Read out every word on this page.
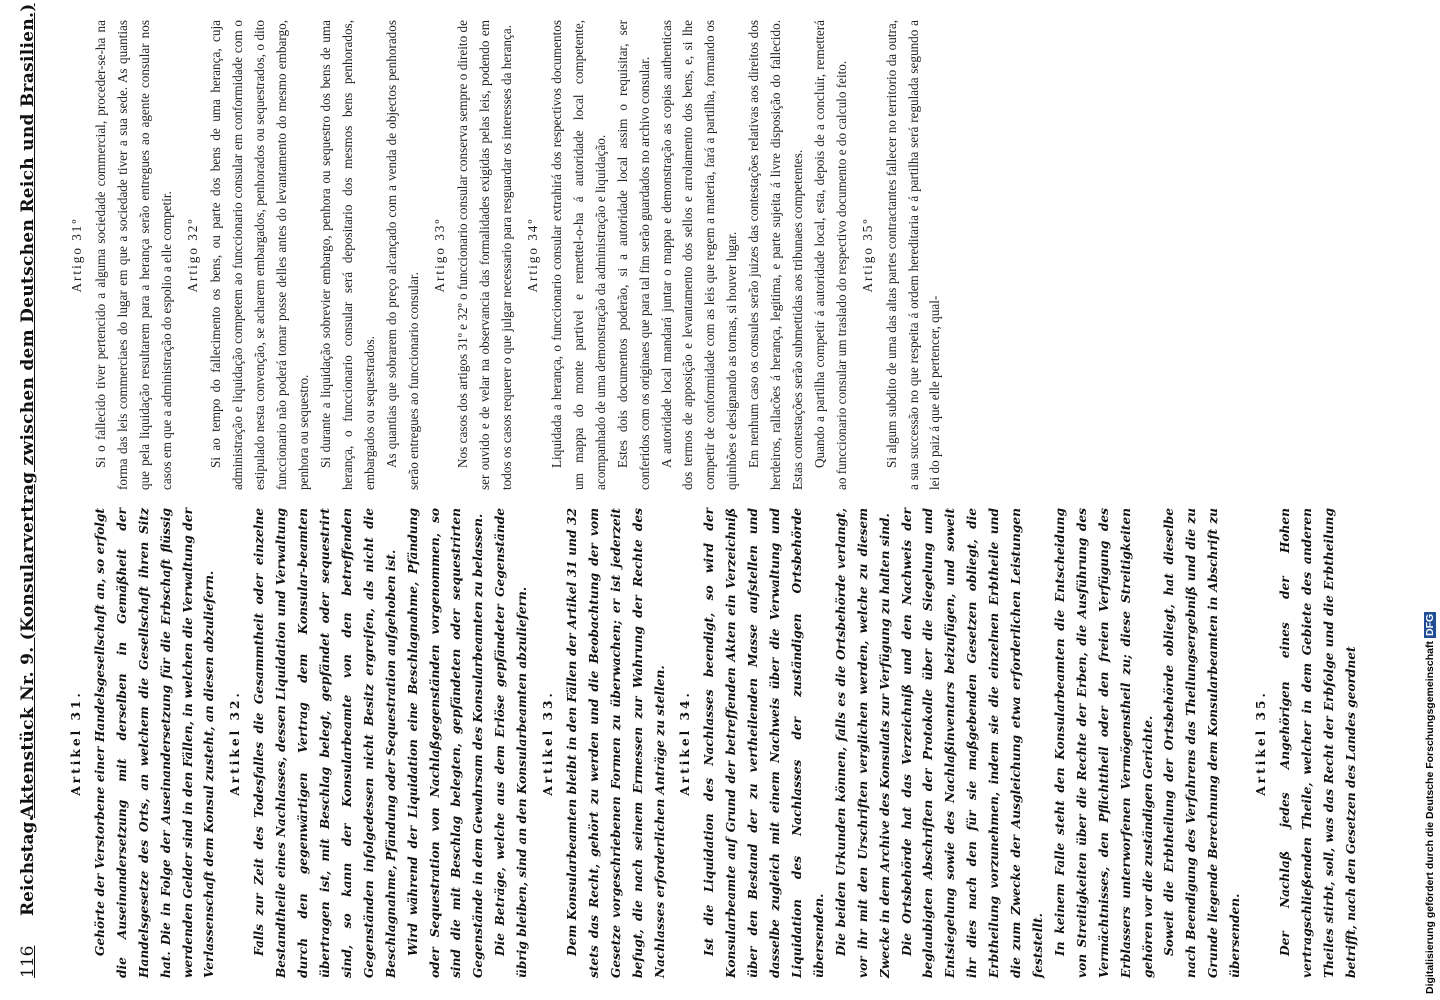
116
Reichstag.
Aktenstück Nr. 9. (Konsularvertrag zwischen dem Deutschen Reich und Brasilien.)	Artikel 31. Gehörte der Verstorbene einer Handelsgesellschaft an, so erfolgt die Auseinandersetzung mit derselben in Gemäßheit der Handelsgesetze des Orts, an welchem die Gesellschaft ihren Sitz hat. Die in Folge der Auseinandersetzung für die Erbschaft flüssig werdenden Gelder sind in den Fällen, in welchen die Verwaltung der Verlassenschaft dem Konsul zusteht, an diesen abzuliefern. Artikel 32. Falls zur Zeit des Todesfalles die Gesammtheit oder einzelne Bestandtheile eines Nachlasses, dessen Liquidation und Verwaltung durch den gegenwärtigen Vertrag dem Konsular-beamten übertragen ist, mit Beschlag belegt, gepfändet oder sequestrirt sind, so kann der Konsularbeamte von den betreffenden Gegenständen infolgedessen nicht Besitz ergreifen, als nicht die Beschlagnahme, Pfändung oder Sequestration aufgehoben ist. Wird während der Liquidation eine Beschlagnahme, Pfändung oder Sequestration von Nachlaßgegenständen vorgenommen, so sind die mit Beschlag belegten, gepfändeten oder sequestrirten Gegenstände in dem Gewahrsam des Konsularbeamten zu belassen. Die Beträge, welche aus dem Erlöse gepfändeter Gegenstände übrig bleiben, sind an den Konsularbeamten abzuliefern. Artikel 33. Dem Konsularbeamten bleibt in den Fällen der Artikel 31 und 32 stets das Recht, gehört zu werden und die Beobachtung der vom Gesetze vorgeschriebenen Formen zu überwachen; er ist jederzeit befugt, die nach seinem Ermessen zur Wahrung der Rechte des Nachlasses erforderlichen Anträge zu stellen. Artikel 34. Ist die Liquidation des Nachlasses beendigt, so wird der Konsularbeamte auf Grund der betreffenden Akten ein Verzeichniß über den Bestand der zu vertheilenden Masse aufstellen und dasselbe zugleich mit einem Nachweis über die Verwaltung und Liquidation des Nachlasses der zuständigen Ortsbehörde übersenden. Die beiden Urkunden können, falls es die Ortsbehörde verlangt, vor ihr mit den Urschriften verglichen werden, welche zu diesem Zwecke in dem Archive des Konsulats zur Verfügung zu halten sind. Die Ortsbehörde hat das Verzeichniß und den Nachweis der beglaubigten Abschriften der Protokolle über die Siegelung und Entsiegelung sowie des Nachlaßinventars beizufügen, und soweit ihr dies nach den für sie maßgebenden Gesetzen obliegt, die Erbtheilung vorzunehmen, indem sie die einzelnen Erbtheile und die zum Zwecke der Ausgleichung etwa erforderlichen Leistungen feststellt. In keinem Falle steht den Konsularbeamten die Entscheidung von Streitigkeiten über die Rechte der Erben, die Ausführung des Vermächtnisses, den Pflichttheil oder den freien Verfügung des Erblassers unterworfenen Vermögenstheil zu; diese Streitigkeiten gehören vor die zuständigen Gerichte. Soweit die Erbtheilung der Ortsbehörde obliegt, hat dieselbe nach Beendigung des Verfahrens das Theilungsergebniß und die zu Grunde liegende Berechnung dem Konsularbeamten in Abschrift zu übersenden.

Artikel 35. Der Nachlaß jedes Angehörigen eines der Hohen vertragschließenden Theile, welcher in dem Gebiete des anderen Theiles stirbt, soll, was das Recht der Erbfolge und die Erbtheilung betrifft, nach den Gesetzen des Landes geordnet

Artigo 31º Si o fallecido tiver pertencido a alguma sociedade commercial, proceder-se-ha na forma das leis commerciaes do lugar em que a sociedade tiver a sua sede. As quantias que pela liquidação resultarem para a herança serão entregues ao agente consular nos casos em que a administração do espolio a elle competir. Artigo 32º Si ao tempo do fallecimento os bens, ou parte dos bens de uma herança, cuja administração e liquidação competem ao funccionario consular em conformidade com o estipulado nesta convenção, se acharem embargados, penhorados ou sequestrados, o dito funccionario não poderá tomar posse delles antes do levantamento do mesmo embargo, penhora ou sequestro. Si durante a liquidação sobrevier embargo, penhora ou sequestro dos bens de uma herança, o funccionario consular será depositario dos mesmos bens penhorados, embargados ou sequestrados. As quantias que sobrarem do preço alcançado com a venda de objectos penhorados serão entregues ao funccionario consular.

Artigo 33º Nos casos dos artigos 31º e 32º o funccionario consular conserva sempre o direito de ser ouvido e de velar na observancia das formalidades exigidas pelas leis, podendo em todos os casos requerer o que julgar necessario para resguardar os interesses da herança. Artigo 34º Liquidada a herança, o funccionario consular extrahirá dos respectivos documentos um mappa do monte partivel e remettel-o-ha á autoridade local competente, acompanhado de uma demonstração da administração e liquidação. Estes dois documentos poderão, si a autoridade local assim o requisitar, ser conferidos com os originaes que para tal fim serão guardados no archivo consular. A autoridade local mandará juntar o mappa e demonstração as copias authenticas dos termos de apposição e levantamento dos sellos e arrolamento dos bens, e, si lhe competir de conformidade com as leis que regem a materia, fará a partilha, formando os quinhões e designando as tornas, si houver lugar. Em nenhum caso os consules serão juizes das contestações relativas aos direitos dos herdeiros, rallacões á herança, legitima, e parte sujeita á livre disposição do fallecido. Estas contestações serão submettidas aos tribunaes competentes. Quando a partilha competir á autoridade local, esta, depois de a concluir, remetterá ao funccionario consular um traslado do respectivo documento e do calculo feito. Artigo 35º Si algum subdito de uma das altas partes contractantes fallecer no territorio da outra, a sua successão no que respeita á ordem hereditaria e á partilha será regulada segundo a lei do paiz á que elle pertencer, qual-

Digitalisierung gefördert durch die Deutsche ForschungsgemeinschaftDFG
